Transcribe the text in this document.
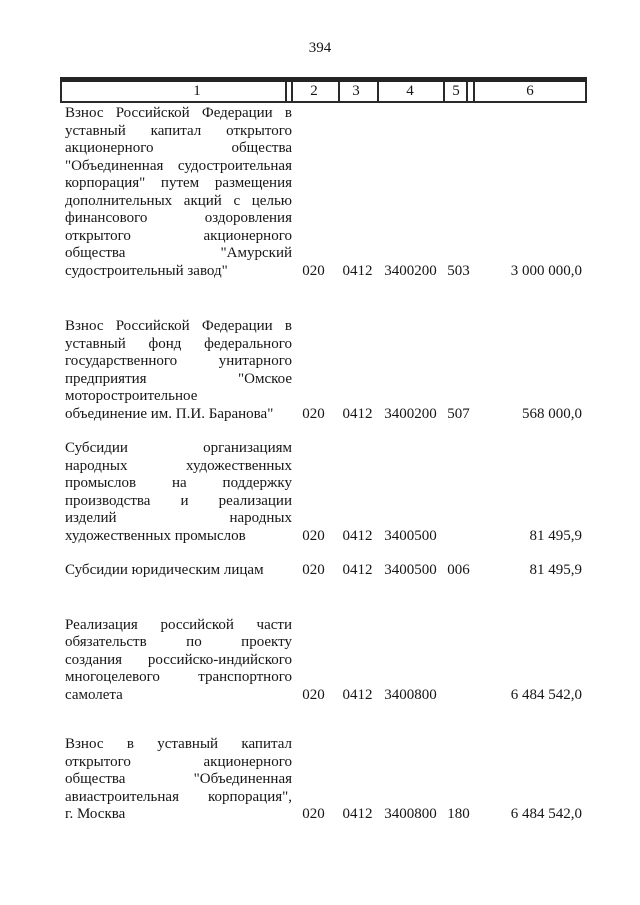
394
1	2	3	4	5	6
Взнос Российской Федерации в
уставный капитал открытого
акционерного общества
"Объединенная судостроительная
корпорация" путем размещения
дополнительных акций с целью
финансового оздоровления
открытого акционерного
общества "Амурский
судостроительный завод"	020	0412 3400200 503	3 000 000,0
Взнос Российской Федерации в
уставный фонд федерального
государственного унитарного
предприятия "Омское
моторостроительное
объединение им. П.И. Баранова"	020	0412 3400200 507	568 000,0
Субсидии организациям
народных художественных
промыслов на поддержку
производства и реализации
изделий народных
художественных промыслов	020	0412 3400500	81 495,9
Субсидии юридическим лицам	020	0412 3400500 006	81 495,9
Реализация российской части
обязательств по проекту
создания российско-индийского
многоцелевого транспортного
самолета	020	0412 3400800	6 484 542,0
Взнос в уставный капитал
открытого акционерного
общества "Объединенная
авиастроительная корпорация",
г. Москва	020	0412 3400800 180	6 484 542,0
